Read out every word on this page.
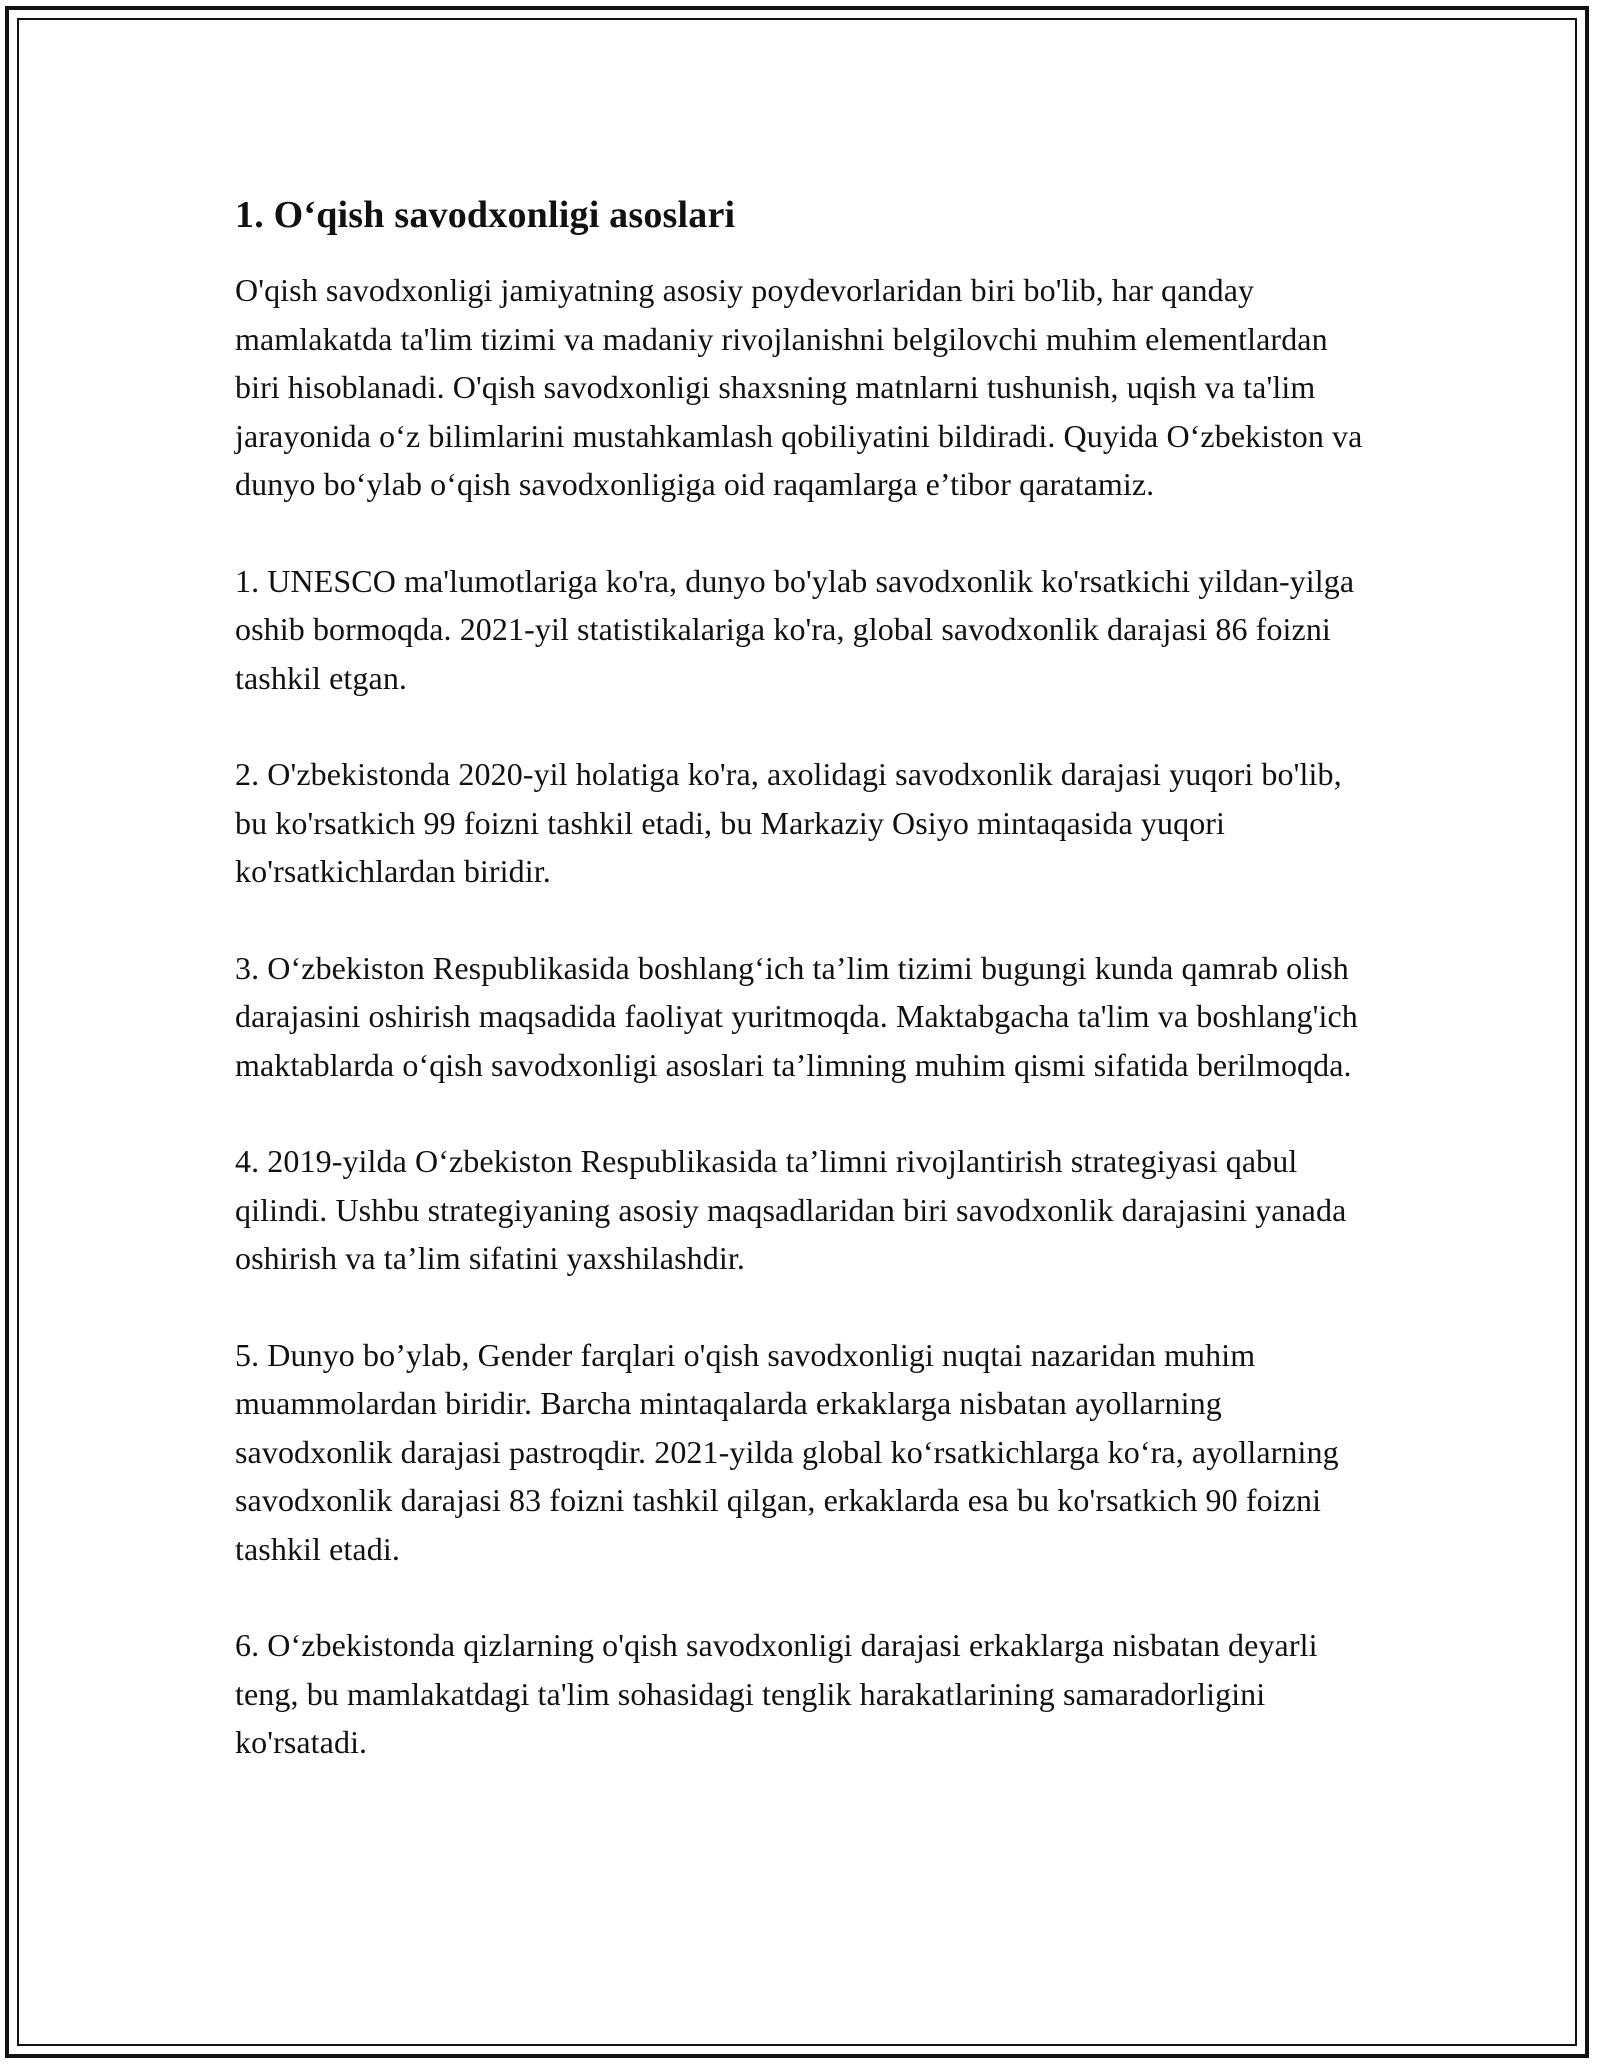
1. O‘qish savodxonligi asoslari

O'qish savodxonligi jamiyatning asosiy poydevorlaridan biri bo'lib, har qanday mamlakatda ta'lim tizimi va madaniy rivojlanishni belgilovchi muhim elementlardan biri hisoblanadi. O'qish savodxonligi shaxsning matnlarni tushunish, uqish va ta'lim jarayonida o‘z bilimlarini mustahkamlash qobiliyatini bildiradi. Quyida O‘zbekiston va dunyo bo‘ylab o‘qish savodxonligiga oid raqamlarga e’tibor qaratamiz.

1. UNESCO ma'lumotlariga ko'ra, dunyo bo'ylab savodxonlik ko'rsatkichi yildan-yilga oshib bormoqda. 2021-yil statistikalariga ko'ra, global savodxonlik darajasi 86 foizni tashkil etgan.

2. O'zbekistonda 2020-yil holatiga ko'ra, axolidagi savodxonlik darajasi yuqori bo'lib, bu ko'rsatkich 99 foizni tashkil etadi, bu Markaziy Osiyo mintaqasida yuqori ko'rsatkichlardan biridir.

3. O‘zbekiston Respublikasida boshlang‘ich ta’lim tizimi bugungi kunda qamrab olish darajasini oshirish maqsadida faoliyat yuritmoqda. Maktabgacha ta'lim va boshlang'ich maktablarda o‘qish savodxonligi asoslari ta’limning muhim qismi sifatida berilmoqda.

4. 2019-yilda O‘zbekiston Respublikasida ta’limni rivojlantirish strategiyasi qabul qilindi. Ushbu strategiyaning asosiy maqsadlaridan biri savodxonlik darajasini yanada oshirish va ta’lim sifatini yaxshilashdir.

5. Dunyo bo’ylab, Gender farqlari o'qish savodxonligi nuqtai nazaridan muhim muammolardan biridir. Barcha mintaqalarda erkaklarga nisbatan ayollarning savodxonlik darajasi pastroqdir. 2021-yilda global ko‘rsatkichlarga ko‘ra, ayollarning savodxonlik darajasi 83 foizni tashkil qilgan, erkaklarda esa bu ko'rsatkich 90 foizni tashkil etadi.

6. O‘zbekistonda qizlarning o'qish savodxonligi darajasi erkaklarga nisbatan deyarli teng, bu mamlakatdagi ta'lim sohasidagi tenglik harakatlarining samaradorligini ko'rsatadi.
